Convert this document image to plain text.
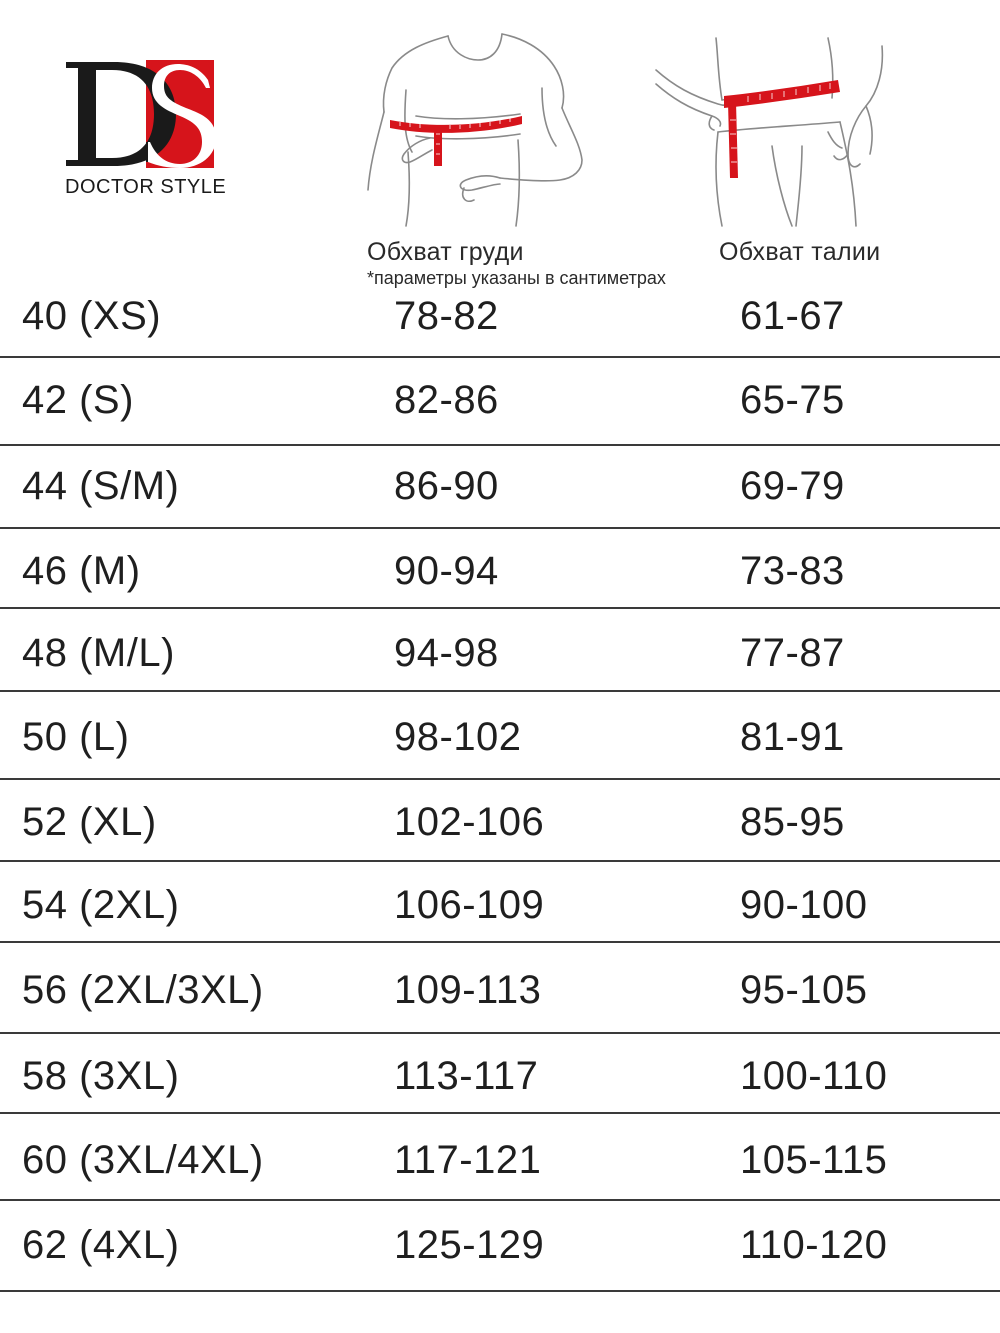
DOCTOR STYLE
Обхват груди	Обхват талии
*параметры указаны в сантиметрах
40 (XS)	78-82	61-67
42 (S)	82-86	65-75
44 (S/M)	86-90	69-79
46 (M)	90-94	73-83
48 (M/L)	94-98	77-87
50 (L)	98-102	81-91
52 (XL)	102-106	85-95
54 (2XL)	106-109	90-100
56 (2XL/3XL)	109-113	95-105
58 (3XL)	113-117	100-110
60 (3XL/4XL)	117-121	105-115
62 (4XL)	125-129	110-120
